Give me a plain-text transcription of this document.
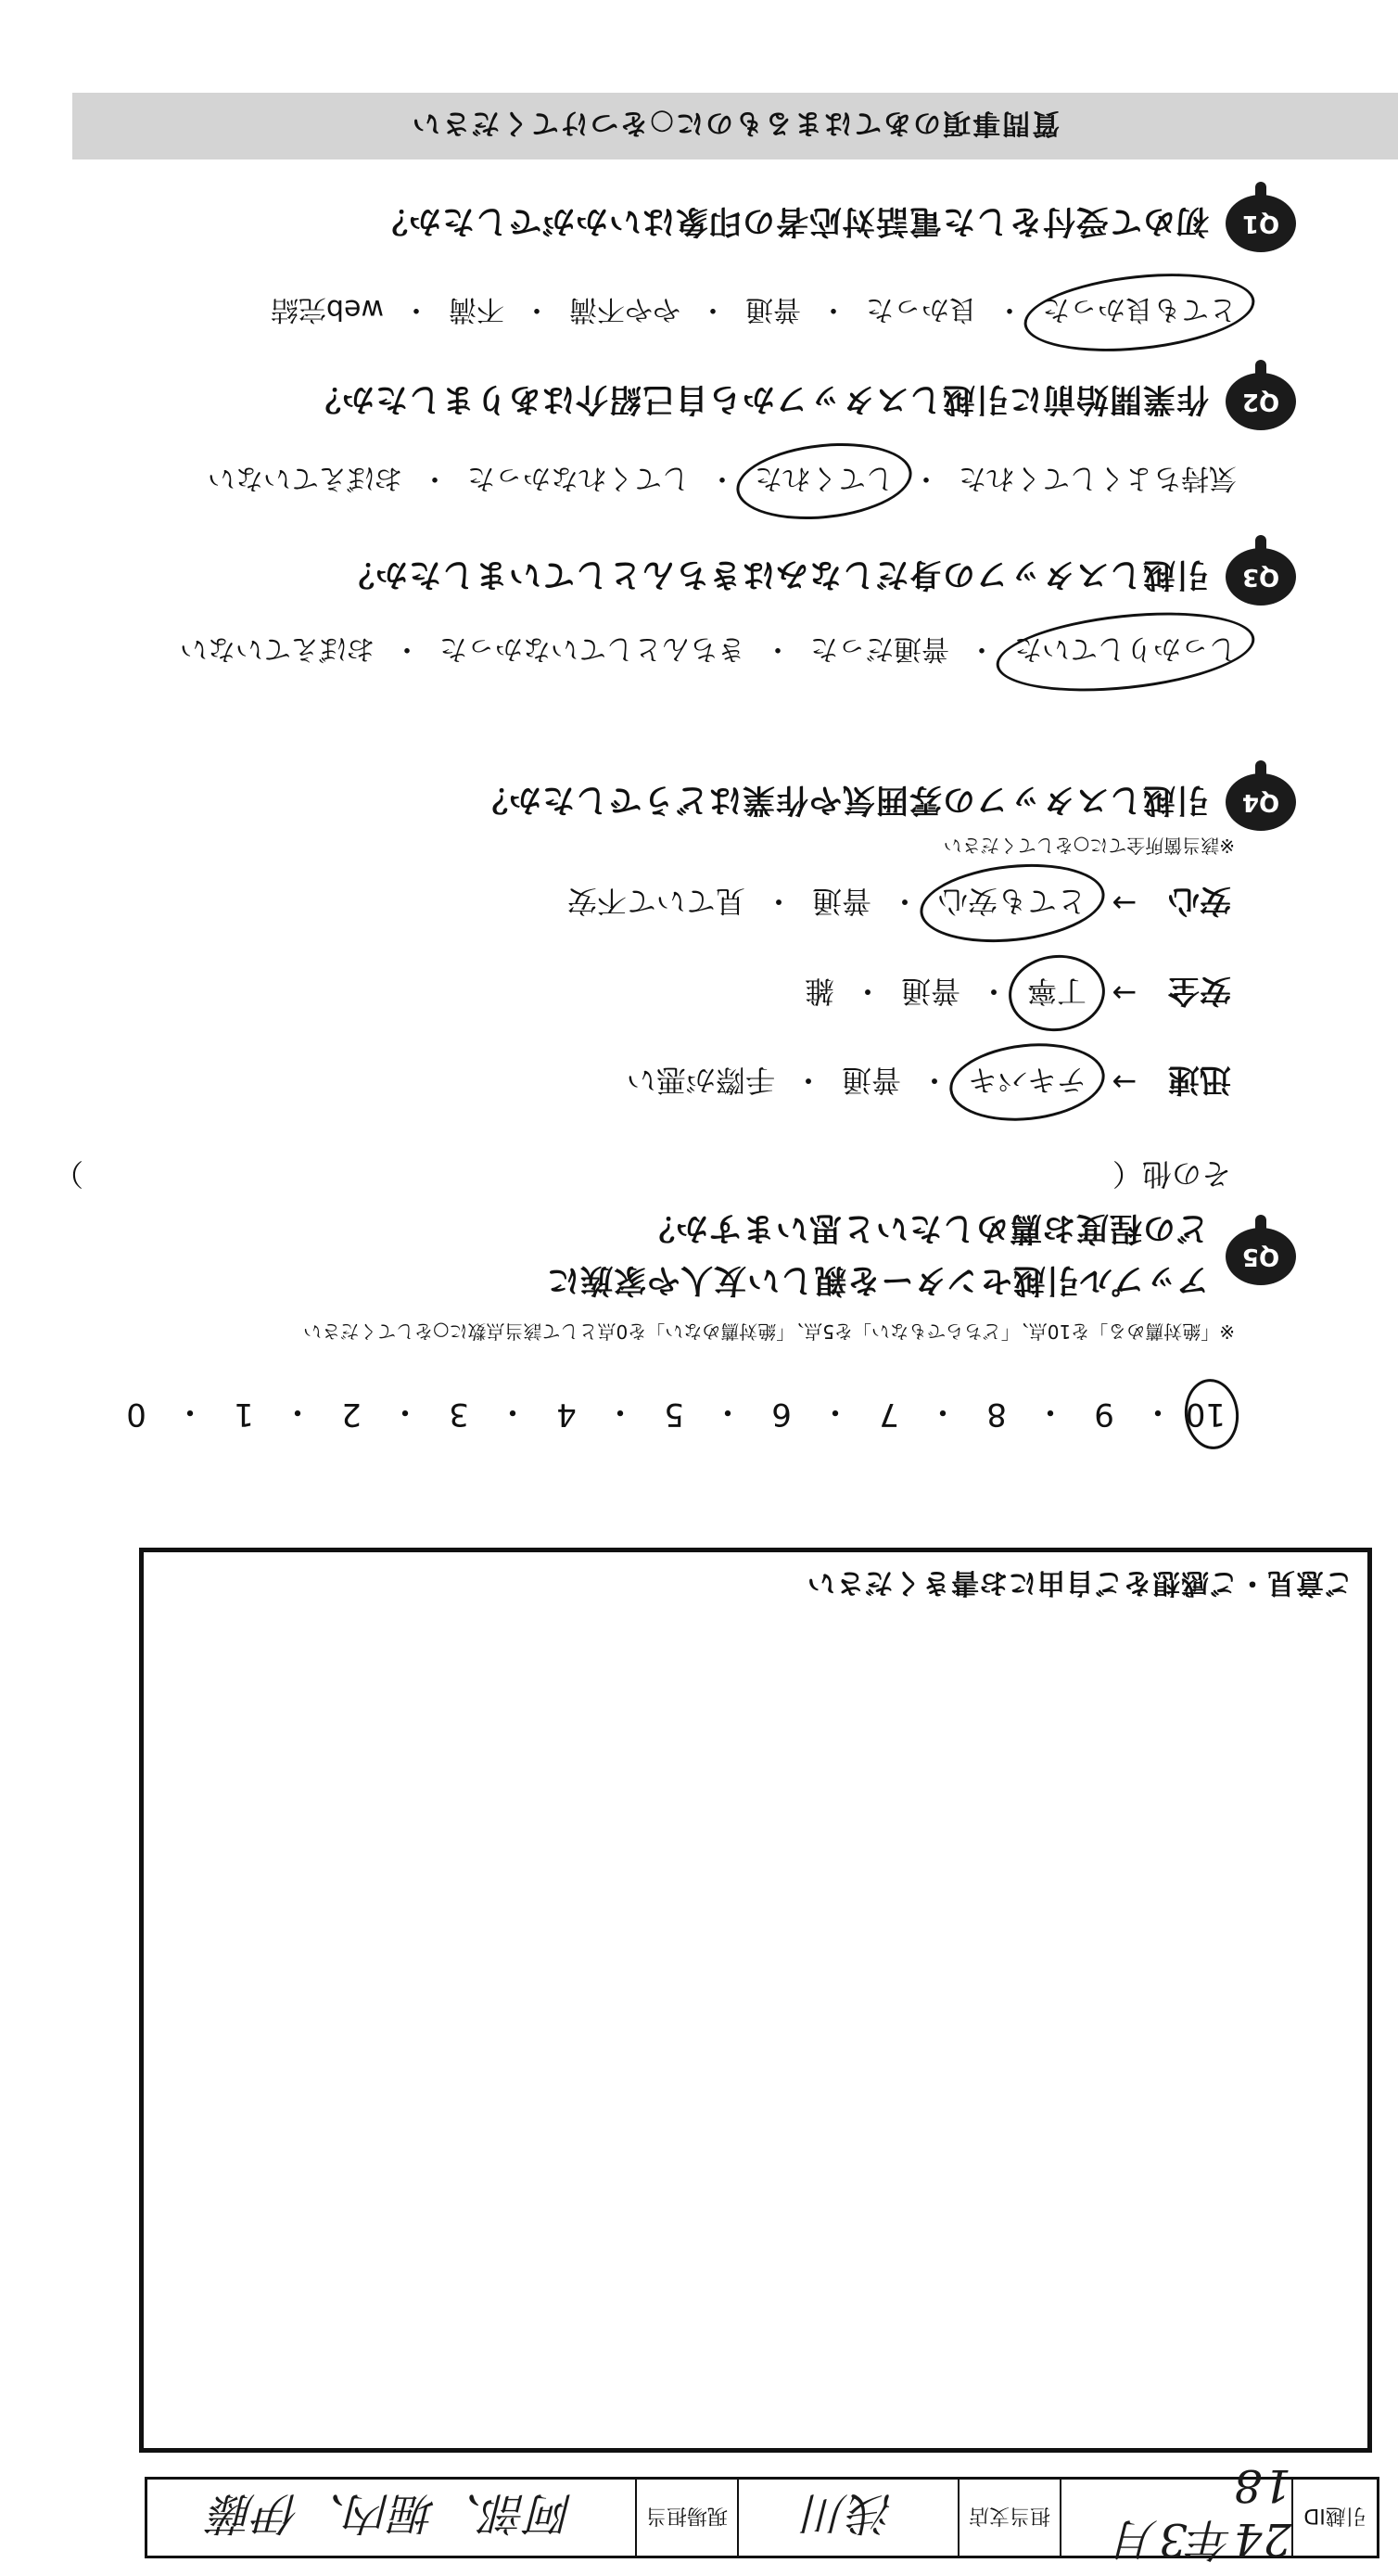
引越ID
24年3月18
担当支店
浅川
現場担当
阿部、堀内、伊藤
質問事項のあてはまるものに○をつけてください
Q1
初めて受付をした電話対応者の印象はいかがでしたか？
とても良かった
・
良かった
・
普通
・
やや不満
・
不満
・
web完結
Q2
作業開始前に引越しスタッフから自己紹介はありましたか？
気持ちよくしてくれた
・
してくれた
・
してくれなかった
・
おぼえていない
Q3
引越しスタッフの身だしなみはきちんとしていましたか？
しっかりしていた
・
普通だった
・
きちんとしていなかった
・
おぼえていない
Q4
引越しスタッフの雰囲気や作業はどうでしたか？
※該当箇所全てに○をしてください
安心
→
とても安心
・
普通
・
見ていて不安
安全
→
丁寧
・
普通
・
雑
迅速
→
テキパキ
・
普通
・
手際が悪い
その他（
）
Q5
アップル引越センターを親しい友人や家族に
どの程度お薦めしたいと思いますか？
※「絶対薦める」を10点、「どちらでもない」を5点、「絶対薦めない」を0点として該当点数に○をしてください
10
・
9
・
8
・
7
・
6
・
5
・
4
・
3
・
2
・
1
・
0
ご意見・ご感想をご自由にお書きください
